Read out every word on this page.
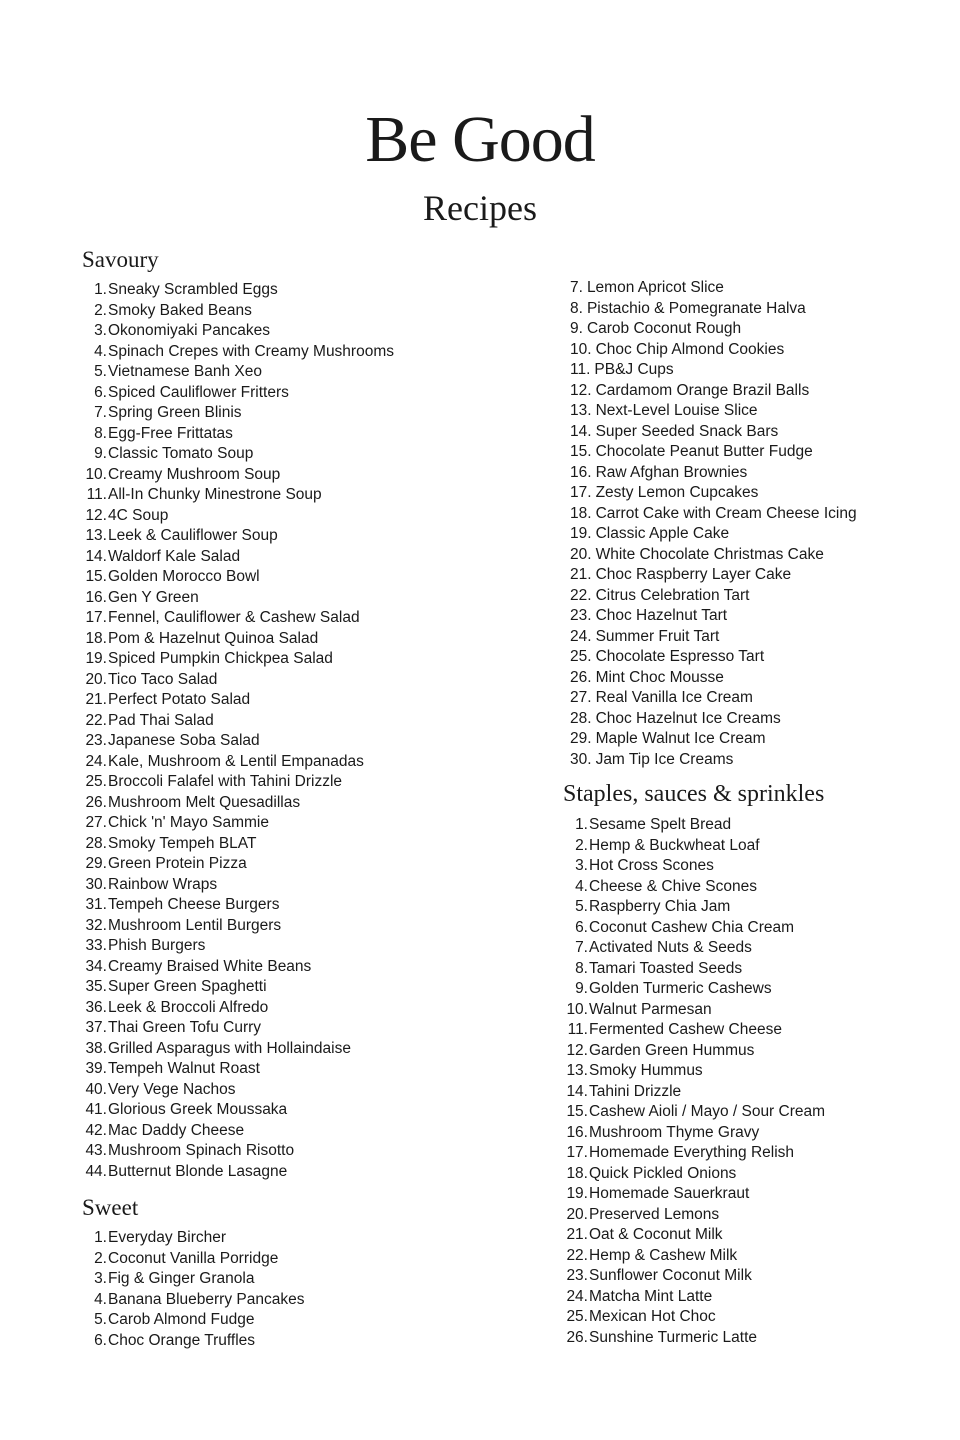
Be Good
Recipes
Savoury
1. Sneaky Scrambled Eggs
2. Smoky Baked Beans
3. Okonomiyaki Pancakes
4. Spinach Crepes with Creamy Mushrooms
5. Vietnamese Banh Xeo
6. Spiced Cauliflower Fritters
7. Spring Green Blinis
8. Egg-Free Frittatas
9. Classic Tomato Soup
10. Creamy Mushroom Soup
11. All-In Chunky Minestrone Soup
12. 4C Soup
13. Leek & Cauliflower Soup
14. Waldorf Kale Salad
15. Golden Morocco Bowl
16. Gen Y Green
17. Fennel, Cauliflower & Cashew Salad
18. Pom & Hazelnut Quinoa Salad
19. Spiced Pumpkin Chickpea Salad
20. Tico Taco Salad
21. Perfect Potato Salad
22. Pad Thai Salad
23. Japanese Soba Salad
24. Kale, Mushroom & Lentil Empanadas
25. Broccoli Falafel with Tahini Drizzle
26. Mushroom Melt Quesadillas
27. Chick 'n' Mayo Sammie
28. Smoky Tempeh BLAT
29. Green Protein Pizza
30. Rainbow Wraps
31. Tempeh Cheese Burgers
32. Mushroom Lentil Burgers
33. Phish Burgers
34. Creamy Braised White Beans
35. Super Green Spaghetti
36. Leek & Broccoli Alfredo
37. Thai Green Tofu Curry
38. Grilled Asparagus with Hollaindaise
39. Tempeh Walnut Roast
40. Very Vege Nachos
41. Glorious Greek Moussaka
42. Mac Daddy Cheese
43. Mushroom Spinach Risotto
44. Butternut Blonde Lasagne
Sweet
1. Everyday Bircher
2. Coconut Vanilla Porridge
3. Fig & Ginger Granola
4. Banana Blueberry Pancakes
5. Carob Almond Fudge
6. Choc Orange Truffles
7. Lemon Apricot Slice
8. Pistachio & Pomegranate Halva
9. Carob Coconut Rough
10. Choc Chip Almond Cookies
11. PB&J Cups
12. Cardamom Orange Brazil Balls
13. Next-Level Louise Slice
14. Super Seeded Snack Bars
15. Chocolate Peanut Butter Fudge
16. Raw Afghan Brownies
17. Zesty Lemon Cupcakes
18. Carrot Cake with Cream Cheese Icing
19. Classic Apple Cake
20. White Chocolate Christmas Cake
21. Choc Raspberry Layer Cake
22. Citrus Celebration Tart
23. Choc Hazelnut Tart
24. Summer Fruit Tart
25. Chocolate Espresso Tart
26. Mint Choc Mousse
27. Real Vanilla Ice Cream
28. Choc Hazelnut Ice Creams
29. Maple Walnut Ice Cream
30. Jam Tip Ice Creams
Staples, sauces & sprinkles
1. Sesame Spelt Bread
2. Hemp & Buckwheat Loaf
3. Hot Cross Scones
4. Cheese & Chive Scones
5. Raspberry Chia Jam
6. Coconut Cashew Chia Cream
7. Activated Nuts & Seeds
8. Tamari Toasted Seeds
9. Golden Turmeric Cashews
10. Walnut Parmesan
11. Fermented Cashew Cheese
12. Garden Green Hummus
13. Smoky Hummus
14. Tahini Drizzle
15. Cashew Aioli / Mayo / Sour Cream
16. Mushroom Thyme Gravy
17. Homemade Everything Relish
18. Quick Pickled Onions
19. Homemade Sauerkraut
20. Preserved Lemons
21. Oat & Coconut Milk
22. Hemp & Cashew Milk
23. Sunflower Coconut Milk
24. Matcha Mint Latte
25. Mexican Hot Choc
26. Sunshine Turmeric Latte
